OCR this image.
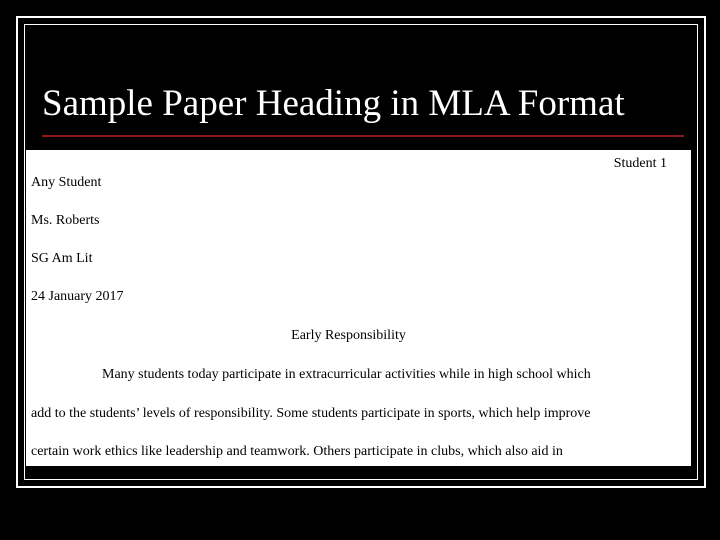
Sample Paper Heading in MLA Format
Student 1
Any Student
Ms. Roberts
SG Am Lit
24 January 2017
Early Responsibility
Many students today participate in extracurricular activities while in high school which
add to the students’ levels of responsibility. Some students participate in sports, which help improve
certain work ethics like leadership and teamwork. Others participate in clubs, which also aid in
